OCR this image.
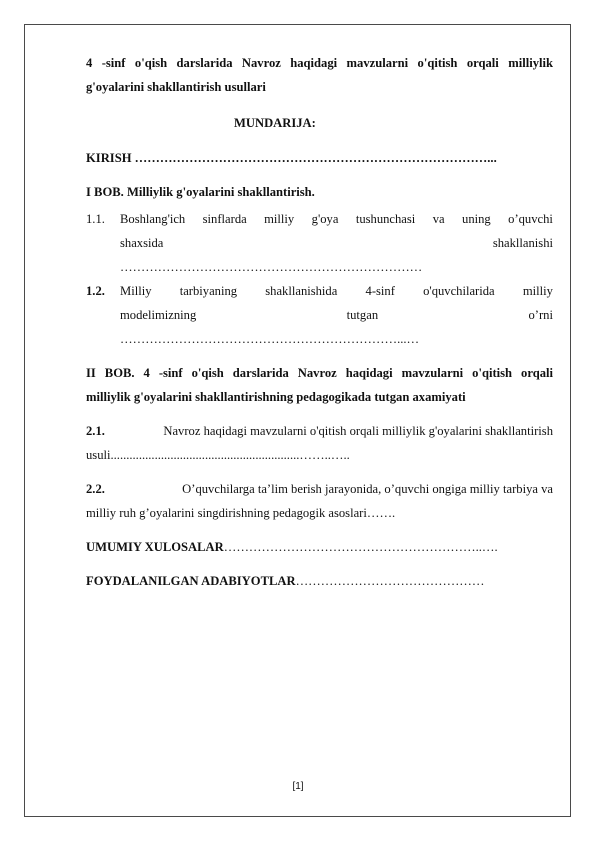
4 -sinf o'qish darslarida Navroz haqidagi mavzularni o'qitish orqali milliylik
g'oyalarini shakllantirish usullari
MUNDARIJA:
KIRISH …………………………………………………………………………...
I BOB. Milliylik g'oyalarini shakllantirish.
1.1. Boshlang'ich sinflarda milliy g'oya tushunchasi va uning o’quvchi
shaxsida	shakllanishi
………………………………………………………………
1.2. Milliy tarbiyaning shakllanishida 4-sinf o'quvchilarida milliy
modelimizning	tutgan	o’rni
…………………………………………………………...…
II BOB. 4 -sinf o'qish darslarida Navroz haqidagi mavzularni o'qitish orqali
milliylik g'oyalarini shakllantirishning pedagogikada tutgan axamiyati
2.1.	Navroz haqidagi mavzularni o'qitish orqali milliylik g'oyalarini shakllantirish
usuli............................................................……..…..
2.2.	O’quvchilarga ta’lim berish jarayonida, o’quvchi ongiga milliy tarbiya va
milliy ruh g’oyalarini singdirishning pedagogik asoslari…….
UMUMIY XULOSALAR……………………………………………………..….
FOYDALANILGAN ADABIYOTLAR………………………………………
[1]
